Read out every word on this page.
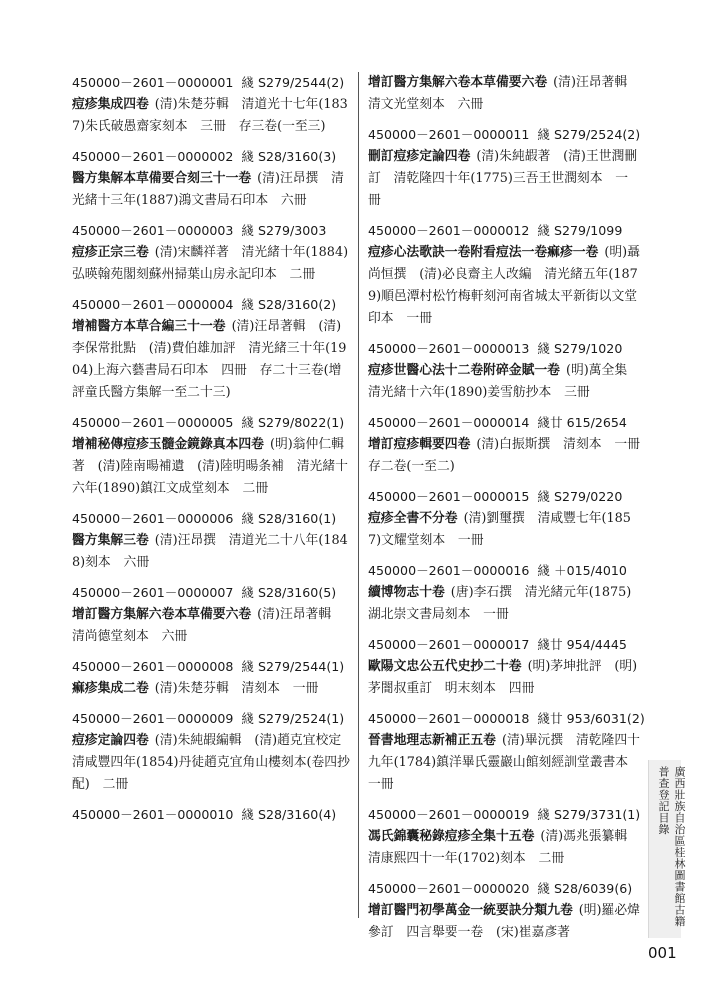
450000－2601－0000001 綫 S279/2544(2)
痘疹集成四卷 (清)朱楚芬輯　清道光十七年(1837)朱氏破愚齋家刻本　三冊　存三卷(一至三)
450000－2601－0000002 綫 S28/3160(3)
醫方集解本草備要合刻三十一卷 (清)汪昂撰　清光緒十三年(1887)鴻文書局石印本　六冊
450000－2601－0000003 綫 S279/3003
痘疹正宗三卷 (清)宋麟祥著　清光緒十年(1884)弘暎翰苑閣刻蘇州掃葉山房永記印本　二冊
450000－2601－0000004 綫 S28/3160(2)
增補醫方本草合編三十一卷 (清)汪昂著輯　(清)李保常批點　(清)費伯雄加評　清光緒三十年(1904)上海六藝書局石印本　四冊　存二十三卷(增評童氏醫方集解一至二十三)
450000－2601－0000005 綫 S279/8022(1)
增補秘傳痘疹玉髓金鏡錄真本四卷 (明)翁仲仁輯著　(清)陸南暘補遺　(清)陸明暘条補　清光緒十六年(1890)鎮江文成堂刻本　二冊
450000－2601－0000006 綫 S28/3160(1)
醫方集解三卷 (清)汪昂撰　清道光二十八年(1848)刻本　六冊
450000－2601－0000007 綫 S28/3160(5)
增訂醫方集解六卷本草備要六卷 (清)汪昂著輯　清尚德堂刻本　六冊
450000－2601－0000008 綫 S279/2544(1)
痲疹集成二卷 (清)朱楚芬輯　清刻本　一冊
450000－2601－0000009 綫 S279/2524(1)
痘疹定論四卷 (清)朱純嘏編輯　(清)趙克宜校定　清咸豐四年(1854)丹徒趙克宜角山樓刻本(卷四抄配)　二冊
450000－2601－0000010 綫 S28/3160(4)
增訂醫方集解六卷本草備要六卷 (清)汪昂著輯　清文光堂刻本　六冊
450000－2601－0000011 綫 S279/2524(2)
刪訂痘疹定論四卷 (清)朱純嘏著　(清)王世潤刪訂　清乾隆四十年(1775)三吾王世潤刻本　一冊
450000－2601－0000012 綫 S279/1099
痘疹心法歌訣一卷附看痘法一卷痲疹一卷 (明)聶尚恒撰　(清)必良齋主人改編　清光緒五年(1879)順邑潭村松竹梅軒刻河南省城太平新街以文堂印本　一冊
450000－2601－0000013 綫 S279/1020
痘疹世醫心法十二卷附碎金賦一卷 (明)萬全集　清光緒十六年(1890)姜雪舫抄本　三冊
450000－2601－0000014 綫廿 615/2654
增訂痘疹輯要四卷 (清)白振斯撰　清刻本　一冊　存二卷(一至二)
450000－2601－0000015 綫 S279/0220
痘疹全書不分卷 (清)劉璽撰　清咸豐七年(1857)文耀堂刻本　一冊
450000－2601－0000016 綫 ＋015/4010
續博物志十卷 (唐)李石撰　清光緒元年(1875)湖北崇文書局刻本　一冊
450000－2601－0000017 綫廿 954/4445
歐陽文忠公五代史抄二十卷 (明)茅坤批評　(明)茅闇叔重訂　明末刻本　四冊
450000－2601－0000018 綫廿 953/6031(2)
晉書地理志新補正五卷 (清)畢沅撰　清乾隆四十九年(1784)鎮洋畢氏靈巖山館刻經訓堂叢書本　一冊
450000－2601－0000019 綫 S279/3731(1)
馮氏錦囊秘錄痘疹全集十五卷 (清)馮兆張纂輯　清康熙四十一年(1702)刻本　二冊
450000－2601－0000020 綫 S28/6039(6)
增訂醫門初學萬金一統要訣分類九卷 (明)羅必煒參訂　四言舉要一卷　(宋)崔嘉彥著
廣西壯族自治區桂林圖書館古籍普查登記目錄
001
